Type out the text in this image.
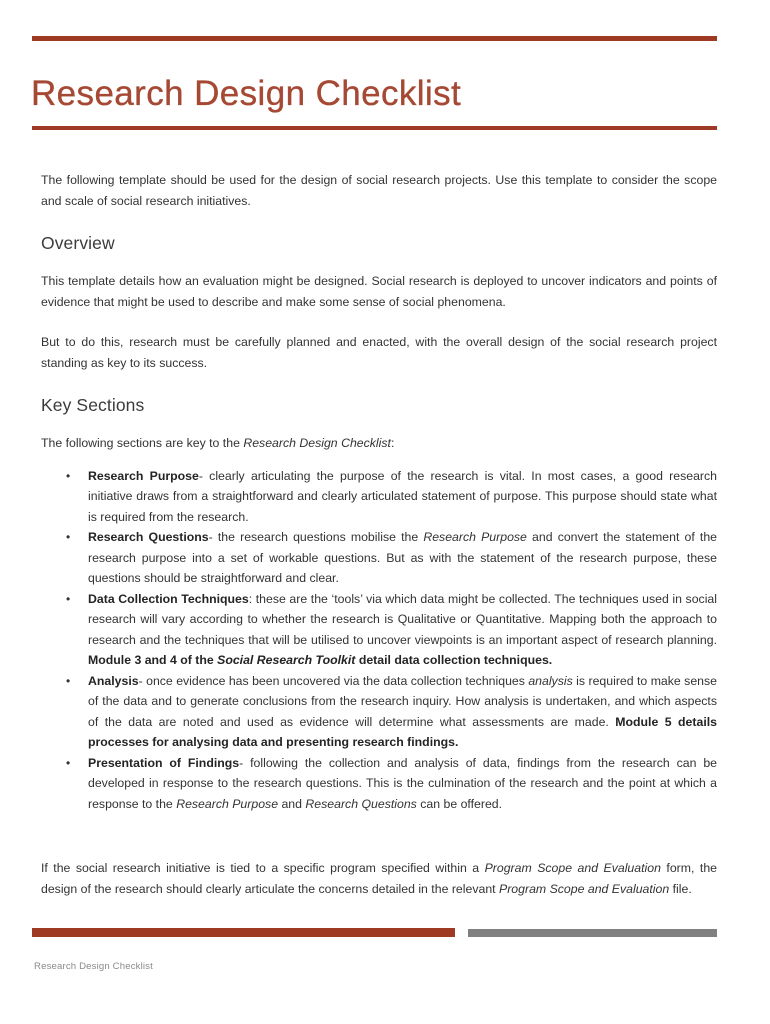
Research Design Checklist

The following template should be used for the design of social research projects. Use this template to consider the scope and scale of social research initiatives.

Overview

This template details how an evaluation might be designed. Social research is deployed to uncover indicators and points of evidence that might be used to describe and make some sense of social phenomena.

But to do this, research must be carefully planned and enacted, with the overall design of the social research project standing as key to its success.

Key Sections

The following sections are key to the Research Design Checklist:

• Research Purpose- clearly articulating the purpose of the research is vital. In most cases, a good research initiative draws from a straightforward and clearly articulated statement of purpose. This purpose should state what is required from the research.
• Research Questions- the research questions mobilise the Research Purpose and convert the statement of the research purpose into a set of workable questions. But as with the statement of the research purpose, these questions should be straightforward and clear.
• Data Collection Techniques: these are the ‘tools’ via which data might be collected. The techniques used in social research will vary according to whether the research is Qualitative or Quantitative. Mapping both the approach to research and the techniques that will be utilised to uncover viewpoints is an important aspect of research planning. Module 3 and 4 of the Social Research Toolkit detail data collection techniques.
• Analysis- once evidence has been uncovered via the data collection techniques analysis is required to make sense of the data and to generate conclusions from the research inquiry. How analysis is undertaken, and which aspects of the data are noted and used as evidence will determine what assessments are made. Module 5 details processes for analysing data and presenting research findings.
• Presentation of Findings- following the collection and analysis of data, findings from the research can be developed in response to the research questions. This is the culmination of the research and the point at which a response to the Research Purpose and Research Questions can be offered.

If the social research initiative is tied to a specific program specified within a Program Scope and Evaluation form, the design of the research should clearly articulate the concerns detailed in the relevant Program Scope and Evaluation file.

Research Design Checklist
